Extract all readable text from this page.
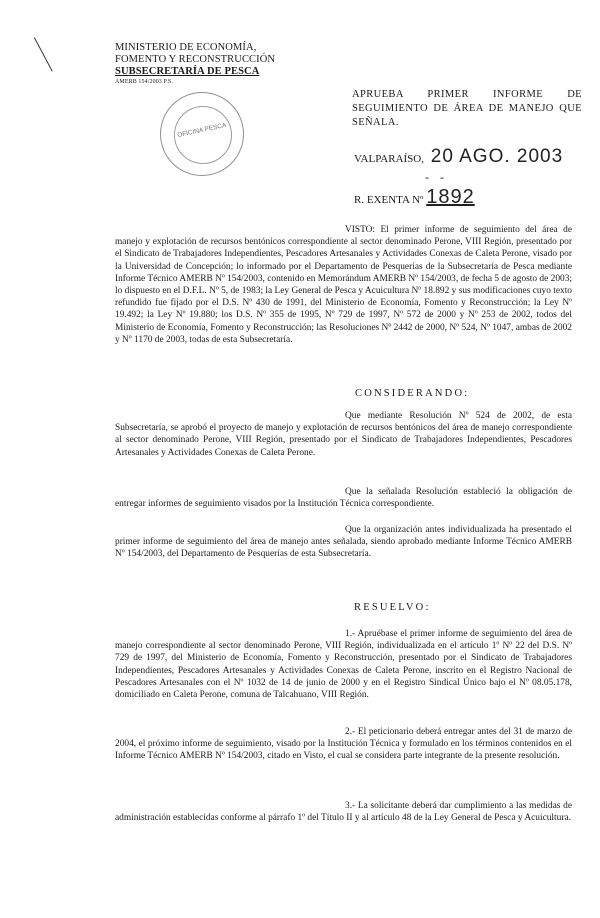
MINISTERIO DE ECONOMÍA,
FOMENTO Y RECONSTRUCCIÓN
SUBSECRETARÍA DE PESCA
AMERB 154/2003 P.S.
OFICINA PESCA
APRUEBA PRIMER INFORME DE SEGUIMIENTO DE ÁREA DE MANEJO QUE SEÑALA.
VALPARAÍSO, 20 AGO. 2003
- -
R. EXENTA Nº 1892

VISTO: El primer informe de seguimiento del área de manejo y explotación de recursos bentónicos correspondiente al sector denominado Perone, VIII Región, presentado por el Sindicato de Trabajadores Independientes, Pescadores Artesanales y Actividades Conexas de Caleta Perone, visado por la Universidad de Concepción; lo informado por el Departamento de Pesquerías de la Subsecretaría de Pesca mediante Informe Técnico AMERB Nº 154/2003, contenido en Memorándum AMERB Nº 154/2003, de fecha 5 de agosto de 2003; lo dispuesto en el D.F.L. Nº 5, de 1983; la Ley General de Pesca y Acuicultura Nº 18.892 y sus modificaciones cuyo texto refundido fue fijado por el D.S. Nº 430 de 1991, del Ministerio de Economía, Fomento y Reconstrucción; la Ley Nº 19.492; la Ley Nº 19.880; los D.S. Nº 355 de 1995, Nº 729 de 1997, Nº 572 de 2000 y Nº 253 de 2002, todos del Ministerio de Economía, Fomento y Reconstrucción; las Resoluciones Nº 2442 de 2000, Nº 524, Nº 1047, ambas de 2002 y Nº 1170 de 2003, todas de esta Subsecretaría.

CONSIDERANDO:

Que mediante Resolución Nº 524 de 2002, de esta Subsecretaría, se aprobó el proyecto de manejo y explotación de recursos bentónicos del área de manejo correspondiente al sector denominado Perone, VIII Región, presentado por el Sindicato de Trabajadores Independientes, Pescadores Artesanales y Actividades Conexas de Caleta Perone.

Que la señalada Resolución estableció la obligación de entregar informes de seguimiento visados por la Institución Técnica correspondiente.

Que la organización antes individualizada ha presentado el primer informe de seguimiento del área de manejo antes señalada, siendo aprobado mediante Informe Técnico AMERB Nº 154/2003, del Departamento de Pesquerías de esta Subsecretaría.

RESUELVO:

1.- Apruébase el primer informe de seguimiento del área de manejo correspondiente al sector denominado Perone, VIII Región, individualizada en el artículo 1º Nº 22 del D.S. Nº 729 de 1997, del Ministerio de Economía, Fomento y Reconstrucción, presentado por el Sindicato de Trabajadores Independientes, Pescadores Artesanales y Actividades Conexas de Caleta Perone, inscrito en el Registro Nacional de Pescadores Artesanales con el Nº 1032 de 14 de junio de 2000 y en el Registro Sindical Único bajo el Nº 08.05.178, domiciliado en Caleta Perone, comuna de Talcahuano, VIII Región.

2.- El peticionario deberá entregar antes del 31 de marzo de 2004, el próximo informe de seguimiento, visado por la Institución Técnica y formulado en los términos contenidos en el Informe Técnico AMERB Nº 154/2003, citado en Visto, el cual se considera parte integrante de la presente resolución.

3.- La solicitante deberá dar cumplimiento a las medidas de administración establecidas conforme al párrafo 1º del Título II y al artículo 48 de la Ley General de Pesca y Acuicultura.
